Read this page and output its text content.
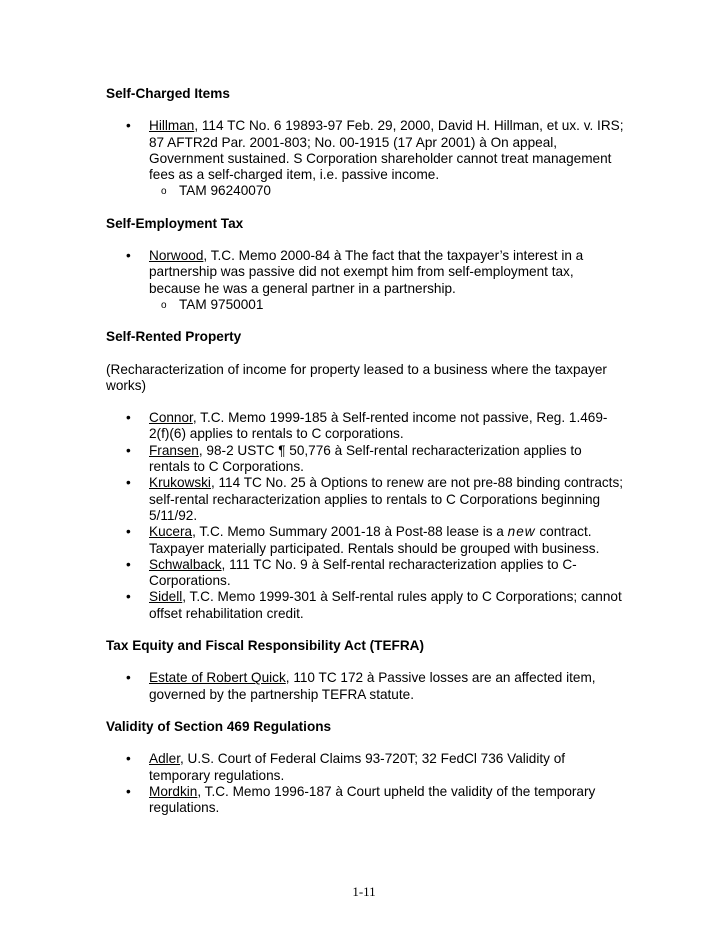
Self-Charged Items

• Hillman, 114 TC No. 6 19893-97 Feb. 29, 2000, David H. Hillman, et ux. v. IRS; 87 AFTR2d Par. 2001-803; No. 00-1915 (17 Apr 2001) à On appeal, Government sustained. S Corporation shareholder cannot treat management fees as a self-charged item, i.e. passive income.
o TAM 96240070

Self-Employment Tax

• Norwood, T.C. Memo 2000-84 à The fact that the taxpayer’s interest in a partnership was passive did not exempt him from self-employment tax, because he was a general partner in a partnership.
o TAM 9750001

Self-Rented Property

(Recharacterization of income for property leased to a business where the taxpayer works)

• Connor, T.C. Memo 1999-185 à Self-rented income not passive, Reg. 1.469-2(f)(6) applies to rentals to C corporations.
• Fransen, 98-2 USTC ¶ 50,776 à Self-rental recharacterization applies to rentals to C Corporations.
• Krukowski, 114 TC No. 25 à Options to renew are not pre-88 binding contracts; self-rental recharacterization applies to rentals to C Corporations beginning 5/11/92.
• Kucera, T.C. Memo Summary 2001-18 à Post-88 lease is a new contract. Taxpayer materially participated. Rentals should be grouped with business.
• Schwalback, 111 TC No. 9 à Self-rental recharacterization applies to C-Corporations.
• Sidell, T.C. Memo 1999-301 à Self-rental rules apply to C Corporations; cannot offset rehabilitation credit.

Tax Equity and Fiscal Responsibility Act (TEFRA)

• Estate of Robert Quick, 110 TC 172 à Passive losses are an affected item, governed by the partnership TEFRA statute.

Validity of Section 469 Regulations

• Adler, U.S. Court of Federal Claims 93-720T; 32 FedCl 736 Validity of temporary regulations.
• Mordkin, T.C. Memo 1996-187 à Court upheld the validity of the temporary regulations.
1-11
